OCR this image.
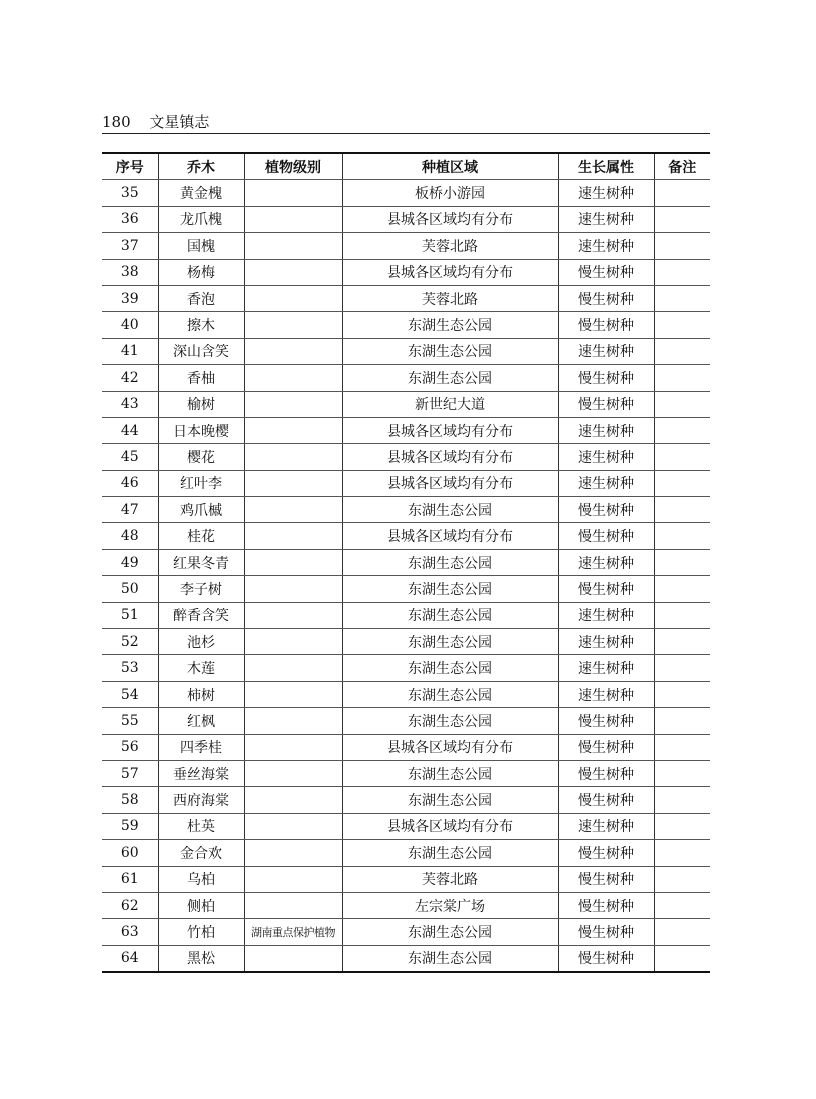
180 文星镇志
序号	乔木	植物级别	种植区域	生长属性	备注
35	黄金槐		板桥小游园	速生树种	
36	龙爪槐		县城各区域均有分布	速生树种	
37	国槐		芙蓉北路	速生树种	
38	杨梅		县城各区域均有分布	慢生树种	
39	香泡		芙蓉北路	慢生树种	
40	擦木		东湖生态公园	慢生树种	
41	深山含笑		东湖生态公园	速生树种	
42	香柚		东湖生态公园	慢生树种	
43	榆树		新世纪大道	慢生树种	
44	日本晚樱		县城各区域均有分布	速生树种	
45	樱花		县城各区域均有分布	速生树种	
46	红叶李		县城各区域均有分布	速生树种	
47	鸡爪槭		东湖生态公园	慢生树种	
48	桂花		县城各区域均有分布	慢生树种	
49	红果冬青		东湖生态公园	速生树种	
50	李子树		东湖生态公园	慢生树种	
51	醉香含笑		东湖生态公园	速生树种	
52	池杉		东湖生态公园	速生树种	
53	木莲		东湖生态公园	速生树种	
54	柿树		东湖生态公园	速生树种	
55	红枫		东湖生态公园	慢生树种	
56	四季桂		县城各区域均有分布	慢生树种	
57	垂丝海棠		东湖生态公园	慢生树种	
58	西府海棠		东湖生态公园	慢生树种	
59	杜英		县城各区域均有分布	速生树种	
60	金合欢		东湖生态公园	慢生树种	
61	乌柏		芙蓉北路	慢生树种	
62	侧柏		左宗棠广场	慢生树种	
63	竹柏	湖南重点保护植物	东湖生态公园	慢生树种	
64	黑松		东湖生态公园	慢生树种	
